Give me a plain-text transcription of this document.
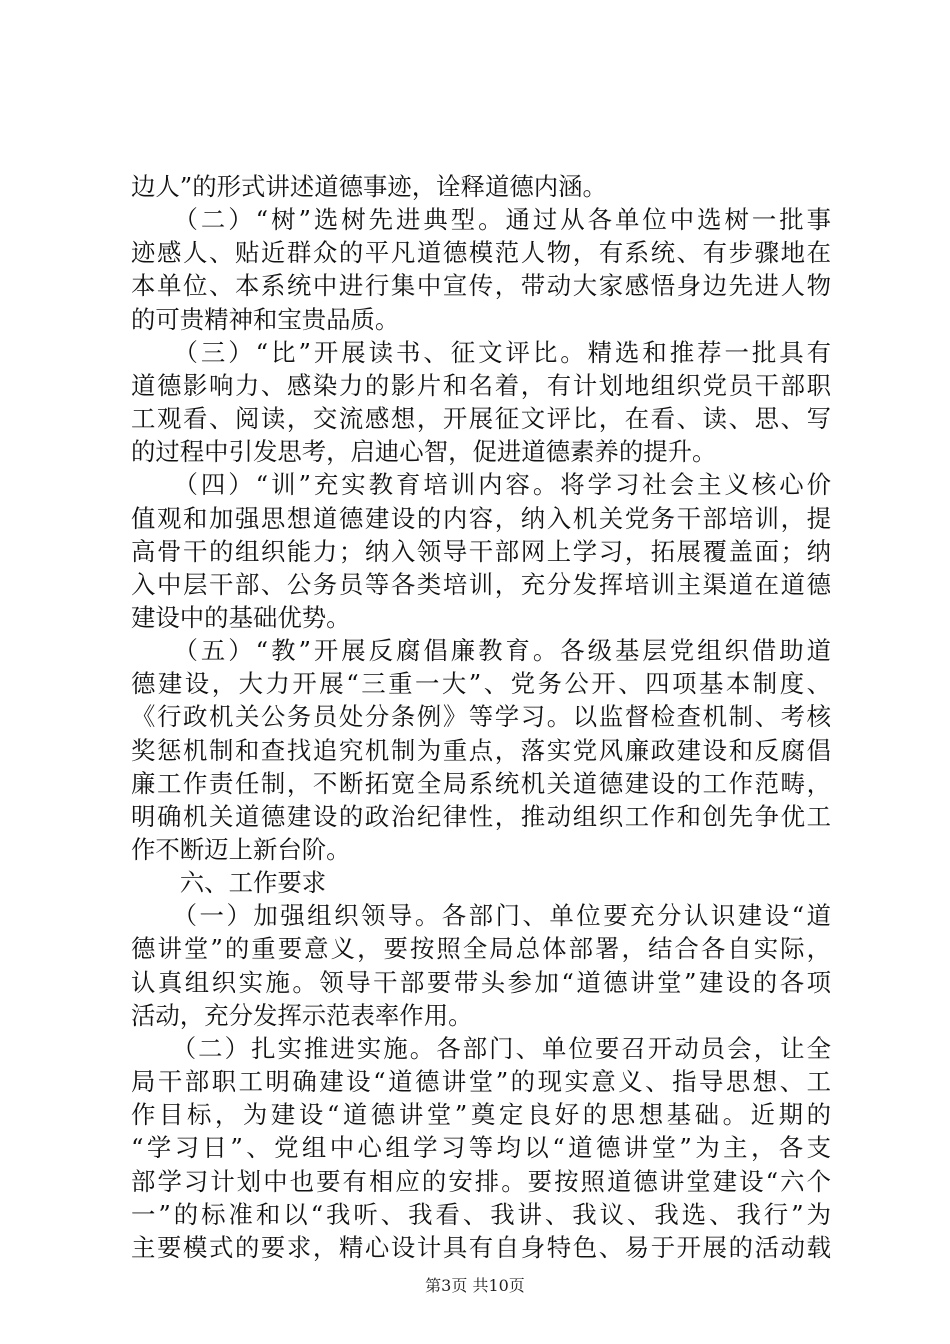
边人”的形式讲述道德事迹，诠释道德内涵。
　　（二）“树”选树先进典型。通过从各单位中选树一批事
迹感人、贴近群众的平凡道德模范人物，有系统、有步骤地在
本单位、本系统中进行集中宣传，带动大家感悟身边先进人物
的可贵精神和宝贵品质。
　　（三）“比”开展读书、征文评比。精选和推荐一批具有
道德影响力、感染力的影片和名着，有计划地组织党员干部职
工观看、阅读，交流感想，开展征文评比，在看、读、思、写
的过程中引发思考，启迪心智，促进道德素养的提升。
　　（四）“训”充实教育培训内容。将学习社会主义核心价
值观和加强思想道德建设的内容，纳入机关党务干部培训，提
高骨干的组织能力；纳入领导干部网上学习，拓展覆盖面；纳
入中层干部、公务员等各类培训，充分发挥培训主渠道在道德
建设中的基础优势。
　　（五）“教”开展反腐倡廉教育。各级基层党组织借助道
德建设，大力开展“三重一大”、党务公开、四项基本制度、
《行政机关公务员处分条例》等学习。以监督检查机制、考核
奖惩机制和查找追究机制为重点，落实党风廉政建设和反腐倡
廉工作责任制，不断拓宽全局系统机关道德建设的工作范畴，
明确机关道德建设的政治纪律性，推动组织工作和创先争优工
作不断迈上新台阶。
　　六、工作要求
　　（一）加强组织领导。各部门、单位要充分认识建设“道
德讲堂”的重要意义，要按照全局总体部署，结合各自实际，
认真组织实施。领导干部要带头参加“道德讲堂”建设的各项
活动，充分发挥示范表率作用。
　　（二）扎实推进实施。各部门、单位要召开动员会，让全
局干部职工明确建设“道德讲堂”的现实意义、指导思想、工
作目标，为建设“道德讲堂”奠定良好的思想基础。近期的
“学习日”、党组中心组学习等均以“道德讲堂”为主，各支
部学习计划中也要有相应的安排。要按照道德讲堂建设“六个
一”的标准和以“我听、我看、我讲、我议、我选、我行”为
主要模式的要求，精心设计具有自身特色、易于开展的活动载
第3页 共10页
